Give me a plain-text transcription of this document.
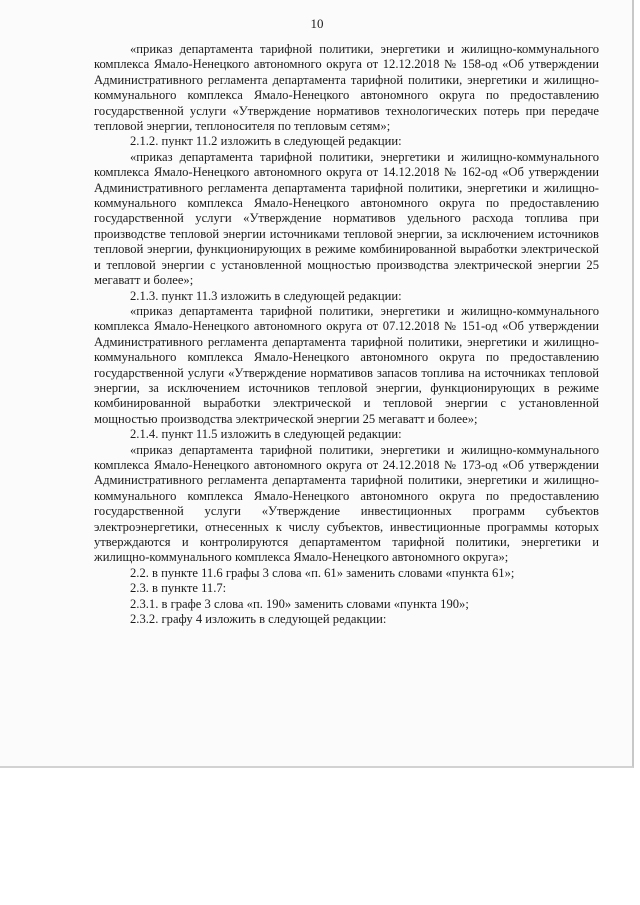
10

«приказ департамента тарифной политики, энергетики и жилищно-коммунального комплекса Ямало-Ненецкого автономного округа от 12.12.2018 № 158-од «Об утверждении Административного регламента департамента тарифной политики, энергетики и жилищно-коммунального комплекса Ямало-Ненецкого автономного округа по предоставлению государственной услуги «Утверждение нормативов технологических потерь при передаче тепловой энергии, теплоносителя по тепловым сетям»;

2.1.2. пункт 11.2 изложить в следующей редакции:

«приказ департамента тарифной политики, энергетики и жилищно-коммунального комплекса Ямало-Ненецкого автономного округа от 14.12.2018 № 162-од «Об утверждении Административного регламента департамента тарифной политики, энергетики и жилищно-коммунального комплекса Ямало-Ненецкого автономного округа по предоставлению государственной услуги «Утверждение нормативов удельного расхода топлива при производстве тепловой энергии источниками тепловой энергии, за исключением источников тепловой энергии, функционирующих в режиме комбинированной выработки электрической и тепловой энергии с установленной мощностью производства электрической энергии 25 мегаватт и более»;

2.1.3. пункт 11.3 изложить в следующей редакции:

«приказ департамента тарифной политики, энергетики и жилищно-коммунального комплекса Ямало-Ненецкого автономного округа от 07.12.2018 № 151-од «Об утверждении Административного регламента департамента тарифной политики, энергетики и жилищно-коммунального комплекса Ямало-Ненецкого автономного округа по предоставлению государственной услуги «Утверждение нормативов запасов топлива на источниках тепловой энергии, за исключением источников тепловой энергии, функционирующих в режиме комбинированной выработки электрической и тепловой энергии с установленной мощностью производства электрической энергии 25 мегаватт и более»;

2.1.4. пункт 11.5 изложить в следующей редакции:

«приказ департамента тарифной политики, энергетики и жилищно-коммунального комплекса Ямало-Ненецкого автономного округа от 24.12.2018 № 173-од «Об утверждении Административного регламента департамента тарифной политики, энергетики и жилищно-коммунального комплекса Ямало-Ненецкого автономного округа по предоставлению государственной услуги «Утверждение инвестиционных программ субъектов электроэнергетики, отнесенных к числу субъектов, инвестиционные программы которых утверждаются и контролируются департаментом тарифной политики, энергетики и жилищно-коммунального комплекса Ямало-Ненецкого автономного округа»;

2.2. в пункте 11.6 графы 3 слова «п. 61» заменить словами «пункта 61»;

2.3. в пункте 11.7:

2.3.1. в графе 3 слова «п. 190» заменить словами «пункта 190»;

2.3.2. графу 4 изложить в следующей редакции:
